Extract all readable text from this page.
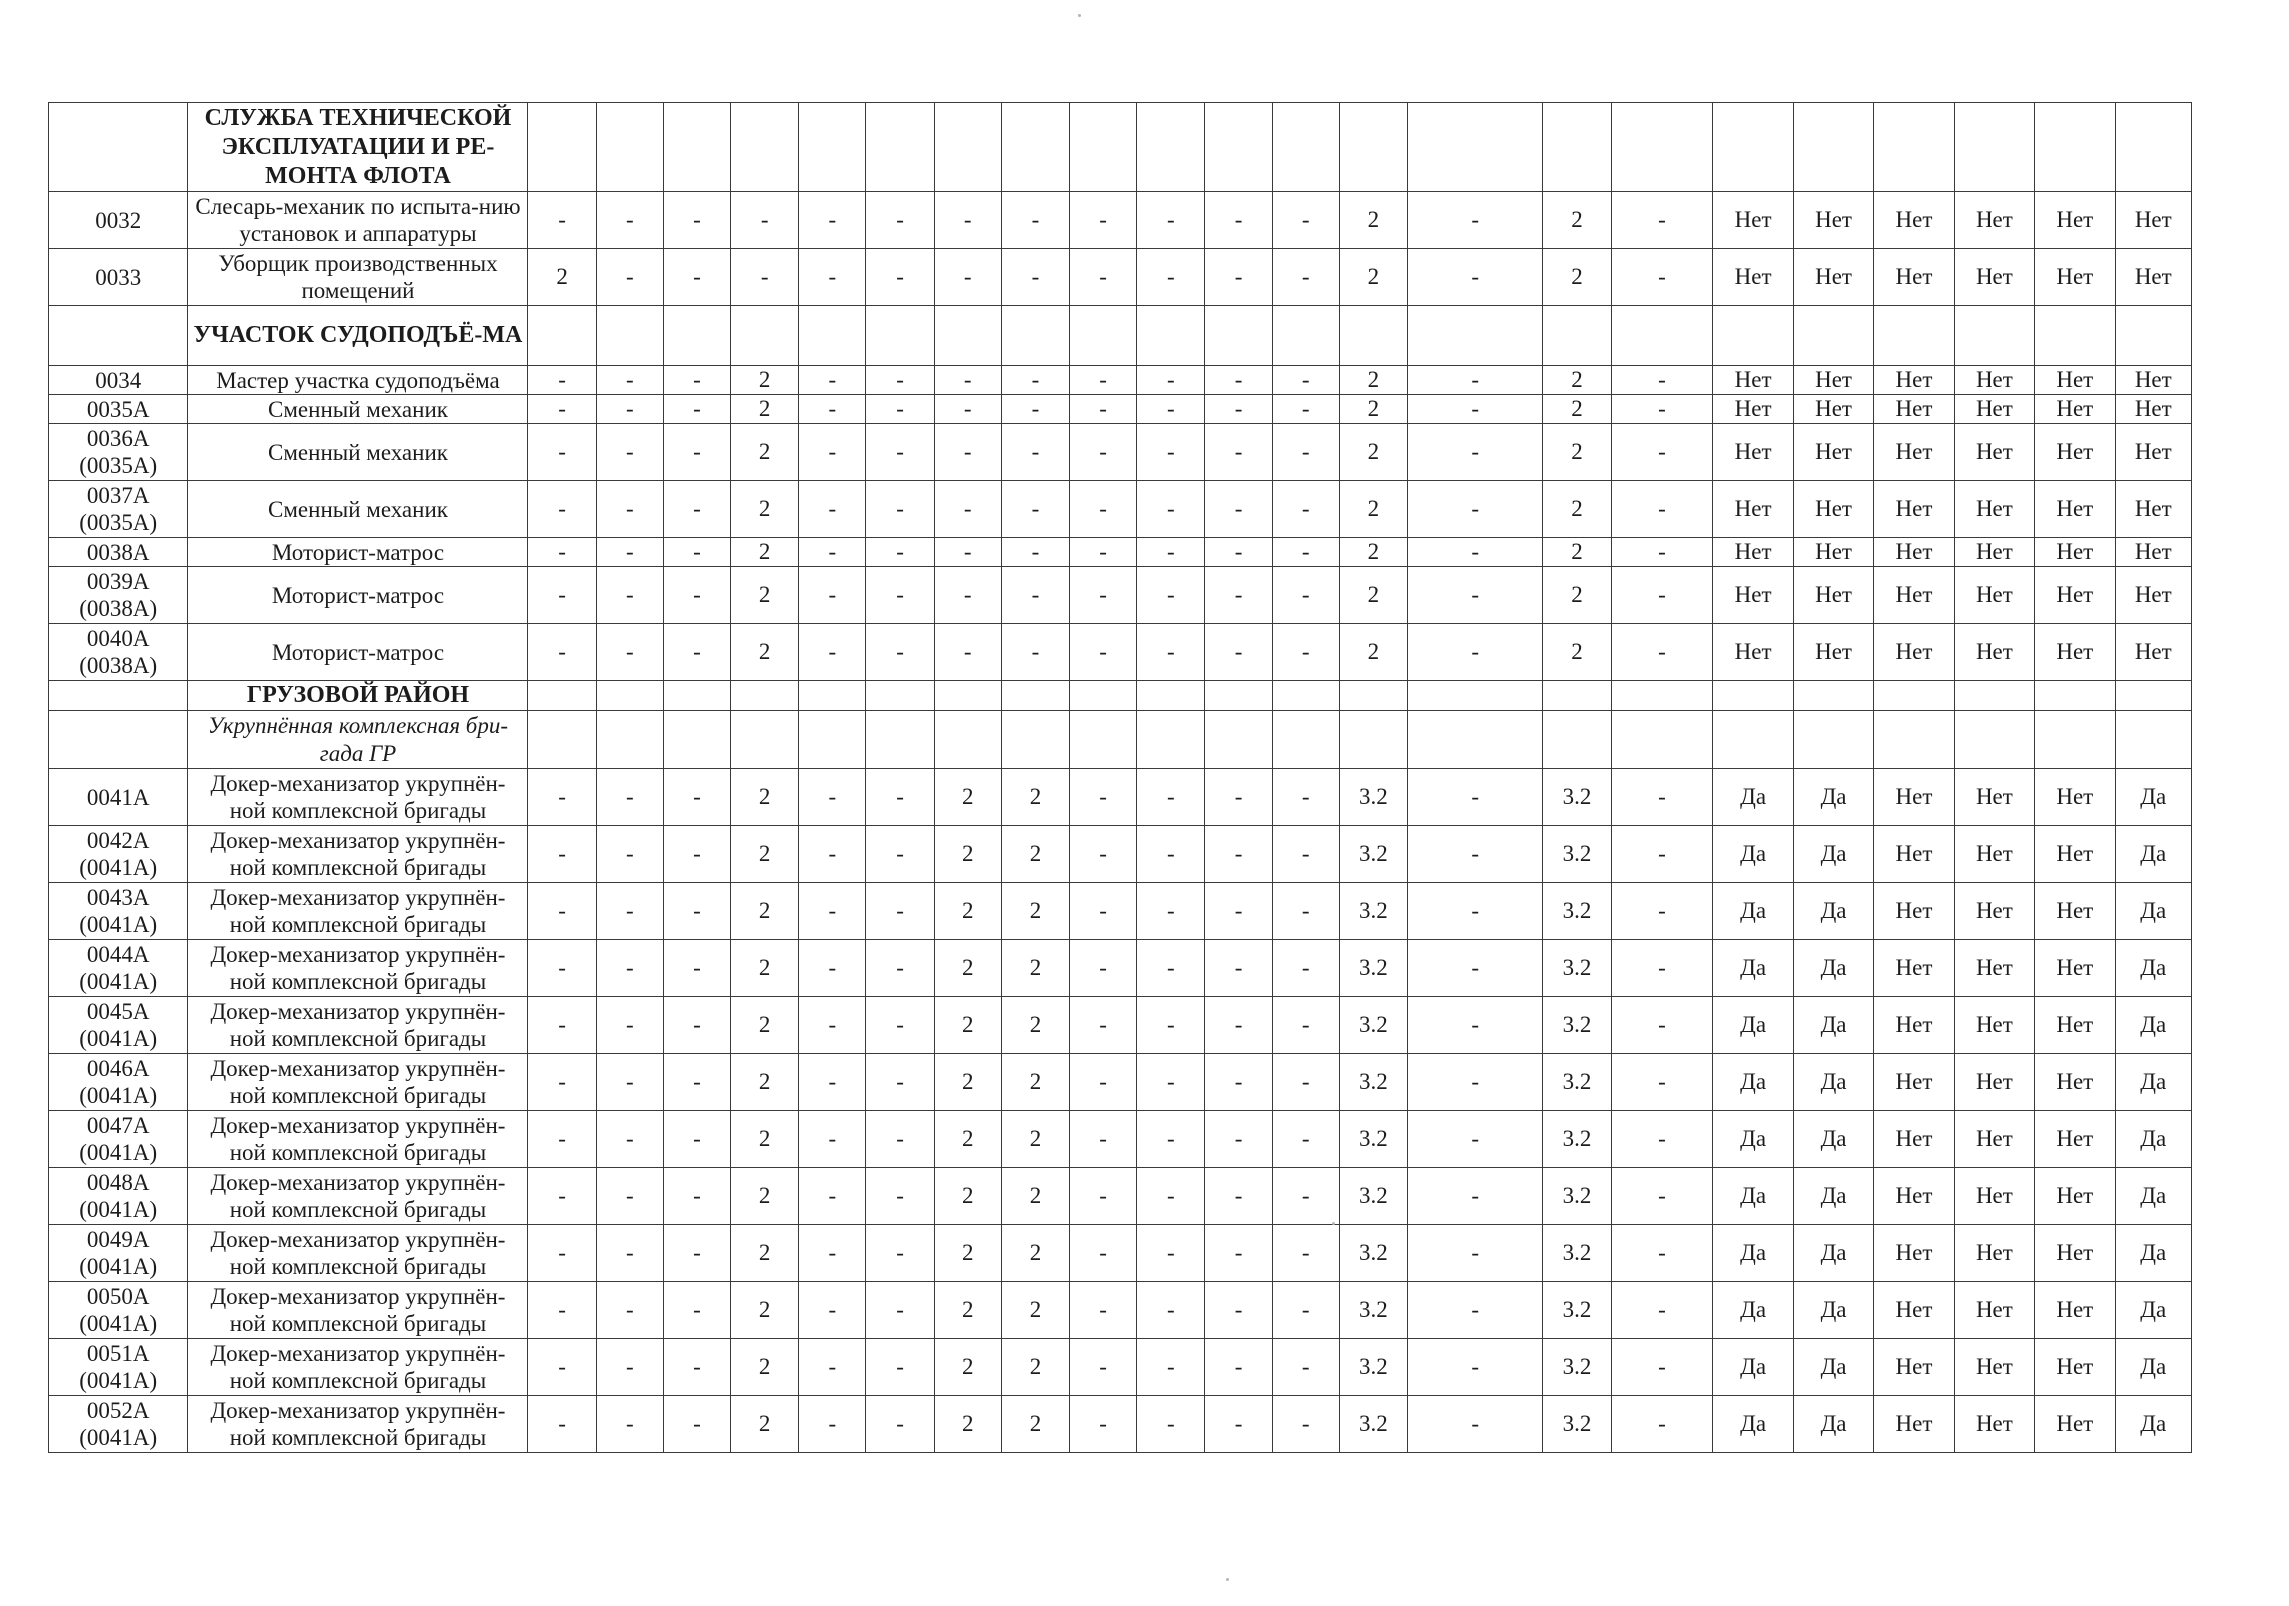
	СЛУЖБА ТЕХНИЧЕСКОЙ ЭКСПЛУАТАЦИИ И РЕ-МОНТА ФЛОТА																						
0032	Слесарь-механик по испыта-нию установок и аппаратуры	-	-	-	-	-	-	-	-	-	-	-	-	2	-	2	-	Нет	Нет	Нет	Нет	Нет	Нет
0033	Уборщик производственных помещений	2	-	-	-	-	-	-	-	-	-	-	-	2	-	2	-	Нет	Нет	Нет	Нет	Нет	Нет
	УЧАСТОК СУДОПОДЪЁ-МА																						
0034	Мастер участка судоподъёма	-	-	-	2	-	-	-	-	-	-	-	-	2	-	2	-	Нет	Нет	Нет	Нет	Нет	Нет
0035А	Сменный механик	-	-	-	2	-	-	-	-	-	-	-	-	2	-	2	-	Нет	Нет	Нет	Нет	Нет	Нет
0036А (0035А)	Сменный механик	-	-	-	2	-	-	-	-	-	-	-	-	2	-	2	-	Нет	Нет	Нет	Нет	Нет	Нет
0037А (0035А)	Сменный механик	-	-	-	2	-	-	-	-	-	-	-	-	2	-	2	-	Нет	Нет	Нет	Нет	Нет	Нет
0038А	Моторист-матрос	-	-	-	2	-	-	-	-	-	-	-	-	2	-	2	-	Нет	Нет	Нет	Нет	Нет	Нет
0039А (0038А)	Моторист-матрос	-	-	-	2	-	-	-	-	-	-	-	-	2	-	2	-	Нет	Нет	Нет	Нет	Нет	Нет
0040А (0038А)	Моторист-матрос	-	-	-	2	-	-	-	-	-	-	-	-	2	-	2	-	Нет	Нет	Нет	Нет	Нет	Нет
	ГРУЗОВОЙ РАЙОН																						
	Укрупнённая комплексная бри-гада ГР																						
0041А	Докер-механизатор укрупнён-ной комплексной бригады	-	-	-	2	-	-	2	2	-	-	-	-	3.2	-	3.2	-	Да	Да	Нет	Нет	Нет	Да
0042А (0041А)	Докер-механизатор укрупнён-ной комплексной бригады	-	-	-	2	-	-	2	2	-	-	-	-	3.2	-	3.2	-	Да	Да	Нет	Нет	Нет	Да
0043А (0041А)	Докер-механизатор укрупнён-ной комплексной бригады	-	-	-	2	-	-	2	2	-	-	-	-	3.2	-	3.2	-	Да	Да	Нет	Нет	Нет	Да
0044А (0041А)	Докер-механизатор укрупнён-ной комплексной бригады	-	-	-	2	-	-	2	2	-	-	-	-	3.2	-	3.2	-	Да	Да	Нет	Нет	Нет	Да
0045А (0041А)	Докер-механизатор укрупнён-ной комплексной бригады	-	-	-	2	-	-	2	2	-	-	-	-	3.2	-	3.2	-	Да	Да	Нет	Нет	Нет	Да
0046А (0041А)	Докер-механизатор укрупнён-ной комплексной бригады	-	-	-	2	-	-	2	2	-	-	-	-	3.2	-	3.2	-	Да	Да	Нет	Нет	Нет	Да
0047А (0041А)	Докер-механизатор укрупнён-ной комплексной бригады	-	-	-	2	-	-	2	2	-	-	-	-	3.2	-	3.2	-	Да	Да	Нет	Нет	Нет	Да
0048А (0041А)	Докер-механизатор укрупнён-ной комплексной бригады	-	-	-	2	-	-	2	2	-	-	-	-	3.2	-	3.2	-	Да	Да	Нет	Нет	Нет	Да
0049А (0041А)	Докер-механизатор укрупнён-ной комплексной бригады	-	-	-	2	-	-	2	2	-	-	-	-	3.2	-	3.2	-	Да	Да	Нет	Нет	Нет	Да
0050А (0041А)	Докер-механизатор укрупнён-ной комплексной бригады	-	-	-	2	-	-	2	2	-	-	-	-	3.2	-	3.2	-	Да	Да	Нет	Нет	Нет	Да
0051А (0041А)	Докер-механизатор укрупнён-ной комплексной бригады	-	-	-	2	-	-	2	2	-	-	-	-	3.2	-	3.2	-	Да	Да	Нет	Нет	Нет	Да
0052А (0041А)	Докер-механизатор укрупнён-ной комплексной бригады	-	-	-	2	-	-	2	2	-	-	-	-	3.2	-	3.2	-	Да	Да	Нет	Нет	Нет	Да
